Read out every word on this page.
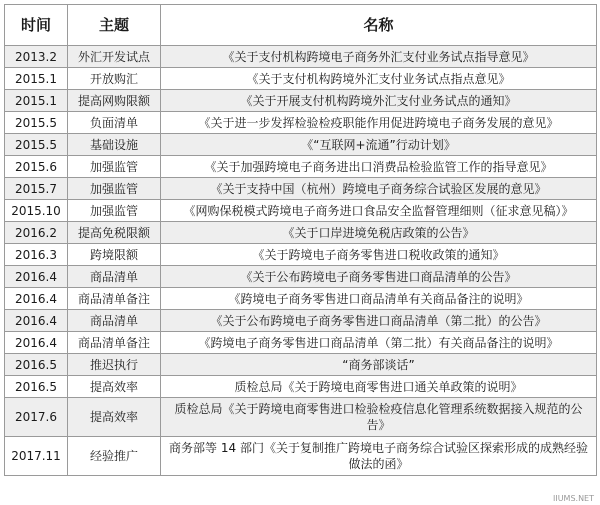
时间	主题	名称
2013.2	外汇开发试点	《关于支付机构跨境电子商务外汇支付业务试点指导意见》
2015.1	开放购汇	《关于支付机构跨境外汇支付业务试点指点意见》
2015.1	提高网购限额	《关于开展支付机构跨境外汇支付业务试点的通知》
2015.5	负面清单	《关于进一步发挥检验检疫职能作用促进跨境电子商务发展的意见》
2015.5	基础设施	《“互联网+流通”行动计划》
2015.6	加强监管	《关于加强跨境电子商务进出口消费品检验监管工作的指导意见》
2015.7	加强监管	《关于支持中国（杭州）跨境电子商务综合试验区发展的意见》
2015.10	加强监管	《网购保税模式跨境电子商务进口食品安全监督管理细则（征求意见稿）》
2016.2	提高免税限额	《关于口岸进境免税店政策的公告》
2016.3	跨境限额	《关于跨境电子商务零售进口税收政策的通知》
2016.4	商品清单	《关于公布跨境电子商务零售进口商品清单的公告》
2016.4	商品清单备注	《跨境电子商务零售进口商品清单有关商品备注的说明》
2016.4	商品清单	《关于公布跨境电子商务零售进口商品清单（第二批）的公告》
2016.4	商品清单备注	《跨境电子商务零售进口商品清单（第二批）有关商品备注的说明》
2016.5	推迟执行	“商务部谈话”
2016.5	提高效率	质检总局《关于跨境电商零售进口通关单政策的说明》
2017.6	提高效率	质检总局《关于跨境电商零售进口检验检疫信息化管理系统数据接入规范的公告》
2017.11	经验推广	商务部等 14 部门《关于复制推广跨境电子商务综合试验区探索形成的成熟经验做法的函》
IIUMS.NET
